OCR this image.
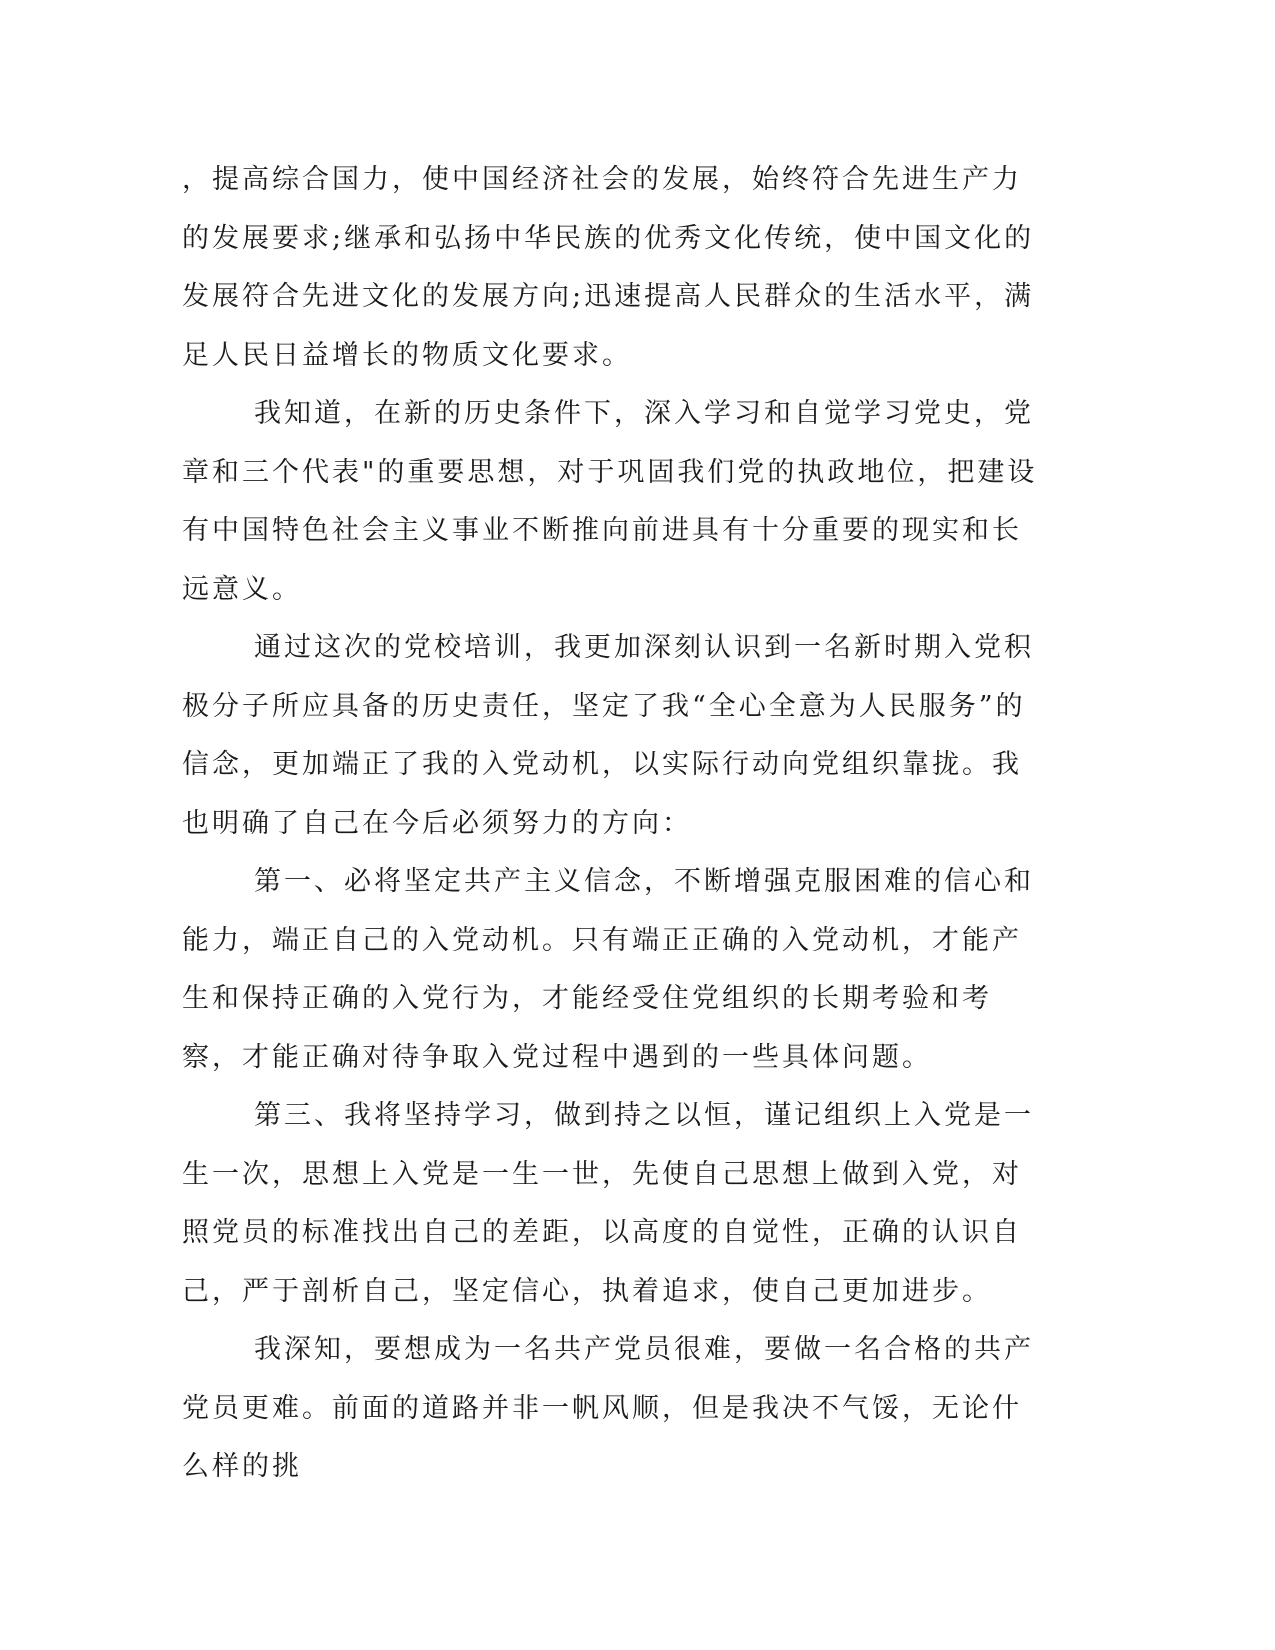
，提高综合国力，使中国经济社会的发展，始终符合先进生产力的发展要求;继承和弘扬中华民族的优秀文化传统，使中国文化的发展符合先进文化的发展方向;迅速提高人民群众的生活水平，满足人民日益增长的物质文化要求。

我知道，在新的历史条件下，深入学习和自觉学习党史，党章和三个代表"的重要思想，对于巩固我们党的执政地位，把建设有中国特色社会主义事业不断推向前进具有十分重要的现实和长远意义。

通过这次的党校培训，我更加深刻认识到一名新时期入党积极分子所应具备的历史责任，坚定了我“全心全意为人民服务”的信念，更加端正了我的入党动机，以实际行动向党组织靠拢。我也明确了自己在今后必须努力的方向：

第一、必将坚定共产主义信念，不断增强克服困难的信心和能力，端正自己的入党动机。只有端正正确的入党动机，才能产生和保持正确的入党行为，才能经受住党组织的长期考验和考察，才能正确对待争取入党过程中遇到的一些具体问题。

第三、我将坚持学习，做到持之以恒，谨记组织上入党是一生一次，思想上入党是一生一世，先使自己思想上做到入党，对照党员的标准找出自己的差距，以高度的自觉性，正确的认识自己，严于剖析自己，坚定信心，执着追求，使自己更加进步。

我深知，要想成为一名共产党员很难，要做一名合格的共产党员更难。前面的道路并非一帆风顺，但是我决不气馁，无论什么样的挑
